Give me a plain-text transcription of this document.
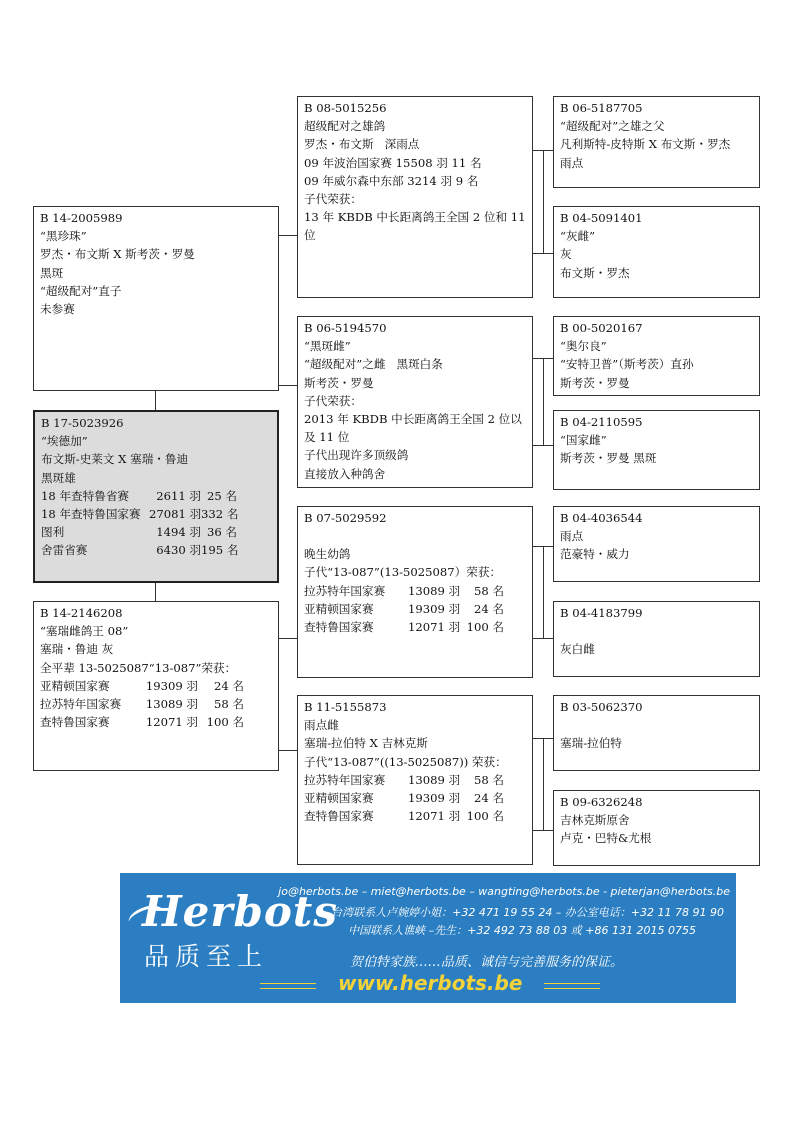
B 14-2005989
“黑珍珠”
罗杰・布文斯 X 斯考茨・罗曼
黑斑
“超级配对”直子
未参赛
B 17-5023926
“埃德加”
布文斯-史莱文 X 塞瑞・鲁迪
黑斑雄
18 年查特鲁省赛	2611 羽 25 名
18 年查特鲁国家赛 27081 羽 332 名
图利	1494 羽 36 名
舍雷省赛	6430 羽 195 名
B 14-2146208
“塞瑞雌鸽王 08”
塞瑞・鲁迪 灰
全平辈 13-5025087“13-087”荣获：
亚精顿国家赛	19309 羽	24 名
拉苏特年国家赛	13089 羽	58 名
查特鲁国家赛	12071 羽 100 名
B 08-5015256
超级配对之雄鸽
罗杰・布文斯   深雨点
09 年波治国家赛 15508 羽 11 名
09 年威尔森中东部 3214 羽 9 名
子代荣获：
13 年 KBDB 中长距离鸽王全国 2 位和 11 位
B 06-5194570
“黑斑雌”
“超级配对”之雌   黑斑白条
斯考茨・罗曼
子代荣获：
2013 年 KBDB 中长距离鸽王全国 2 位以及 11 位
子代出现许多顶级鸽
直接放入种鸽舍
B 07-5029592
晚生幼鸽
子代“13-087”(13-5025087）荣获：
拉苏特年国家赛	13089 羽	58 名
亚精顿国家赛	19309 羽	24 名
查特鲁国家赛	12071 羽 100 名
B 11-5155873
雨点雌
塞瑞-拉伯特 X 吉林克斯
子代“13-087”((13-5025087)) 荣获：
拉苏特年国家赛	13089 羽	58 名
亚精顿国家赛	19309 羽	24 名
查特鲁国家赛	12071 羽 100 名
B 06-5187705
“超级配对”之雄之父
凡利斯特-皮特斯 X 布文斯・罗杰
雨点
B 04-5091401
“灰雌”
灰
布文斯・罗杰
B 00-5020167
“奥尔良”
“安特卫普”（斯考茨）直孙
斯考茨・罗曼
B 04-2110595
“国家雌”
斯考茨・罗曼 黑斑
B 04-4036544
雨点
范豪特・威力
B 04-4183799
灰白雌
B 03-5062370
塞瑞-拉伯特
B 09-6326248
吉林克斯原舍
卢克・巴特&尤根
Herbots
品质至上
jo@herbots.be – miet@herbots.be – wangting@herbots.be - pieterjan@herbots.be
台湾联系人卢婉婷小姐：+32 471 19 55 24 – 办公室电话：+32 11 78 91 90
中国联系人谯峡 –先生：+32 492 73 88 03 或 +86 131 2015 0755
贺伯特家族……品质、诚信与完善服务的保证。
www.herbots.be
